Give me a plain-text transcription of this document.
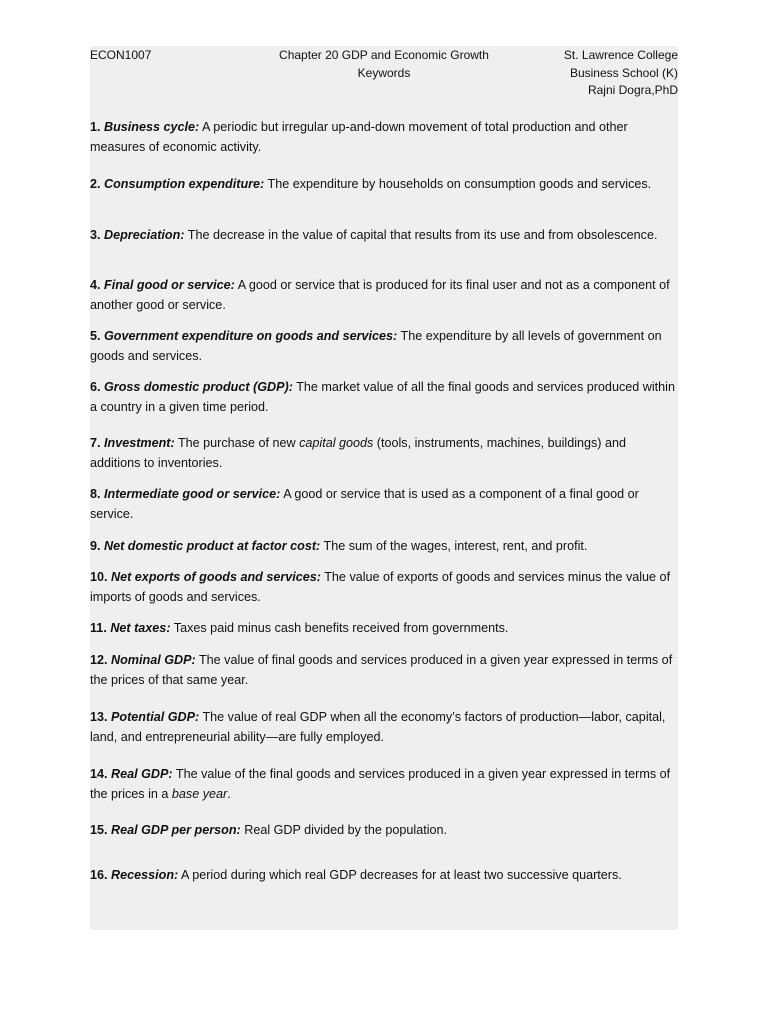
ECON1007	Chapter 20 GDP and Economic Growth
Keywords
St. Lawrence College
Business School (K)
Rajni Dogra,PhD

1. Business cycle: A periodic but irregular up-and-down movement of total production and other measures of economic activity.

2. Consumption expenditure: The expenditure by households on consumption goods and services.

3. Depreciation: The decrease in the value of capital that results from its use and from obsolescence.

4. Final good or service: A good or service that is produced for its final user and not as a component of another good or service.

5. Government expenditure on goods and services: The expenditure by all levels of government on goods and services.

6. Gross domestic product (GDP): The market value of all the final goods and services produced within a country in a given time period.

7. Investment: The purchase of new capital goods (tools, instruments, machines, buildings) and additions to inventories.

8. Intermediate good or service: A good or service that is used as a component of a final good or service.

9. Net domestic product at factor cost: The sum of the wages, interest, rent, and profit.

10. Net exports of goods and services: The value of exports of goods and services minus the value of imports of goods and services.

11. Net taxes: Taxes paid minus cash benefits received from governments.

12. Nominal GDP: The value of final goods and services produced in a given year expressed in terms of the prices of that same year.

13. Potential GDP: The value of real GDP when all the economy’s factors of production—labor, capital, land, and entrepreneurial ability—are fully employed.

14. Real GDP: The value of the final goods and services produced in a given year expressed in terms of the prices in a base year.

15. Real GDP per person: Real GDP divided by the population.

16. Recession: A period during which real GDP decreases for at least two successive quarters.
